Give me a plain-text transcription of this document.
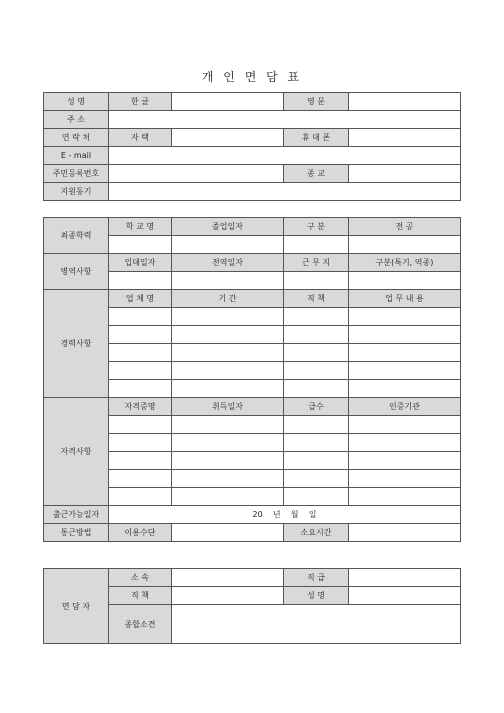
개 인 면 담 표
성 명	한 글		영 문	
주 소				
연 락 처	자 택		휴 대 폰	
E - mail				
주민등록번호			종 교	
지원동기				
최종학력	학 교 명	졸업일자	구 분	전 공

병역사항	입대일자	전역일자	근 무 지	구분(특기, 역종)

경력사항	업 체 명	기 간	직 책	업 무 내 용

자격사항	자격증명	취득일자	급수	인증기관

출근가능일자	20    년    월    일			
통근방법	이용수단		소요시간	
면 담 자	소 속		직 급	
	직 책		성 명	
	종합소견			
